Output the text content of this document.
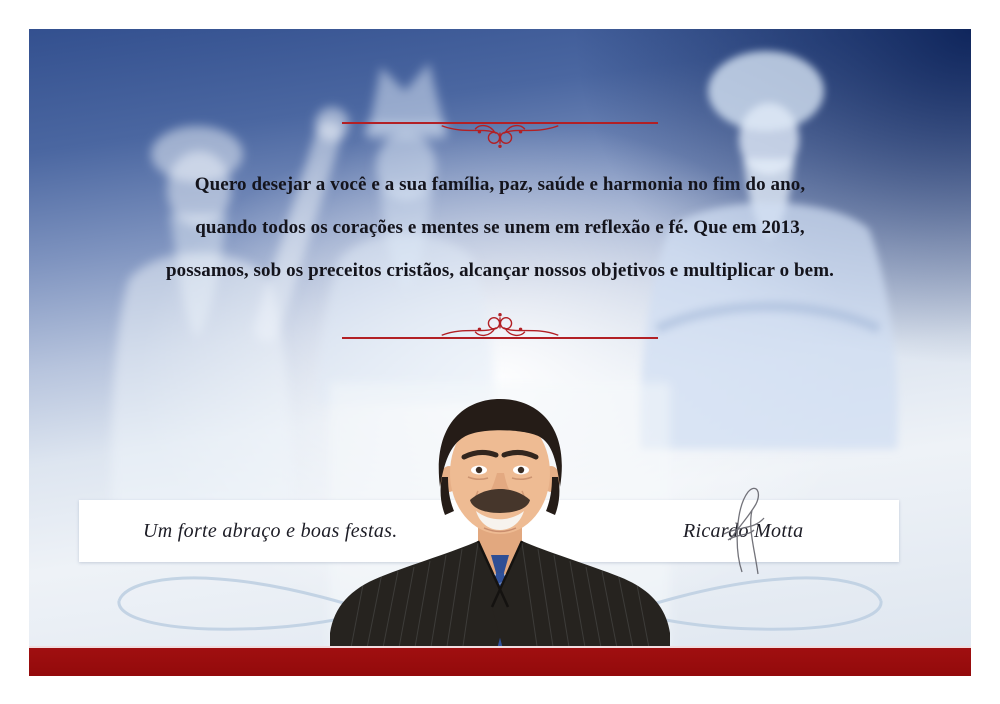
Quero desejar a você e a sua família, paz, saúde e harmonia no fim do ano,

quando todos os corações e mentes se unem em reflexão e fé. Que em 2013,

possamos, sob os preceitos cristãos, alcançar nossos objetivos e multiplicar o bem.

Um forte abraço e boas festas.	Ricardo Motta
